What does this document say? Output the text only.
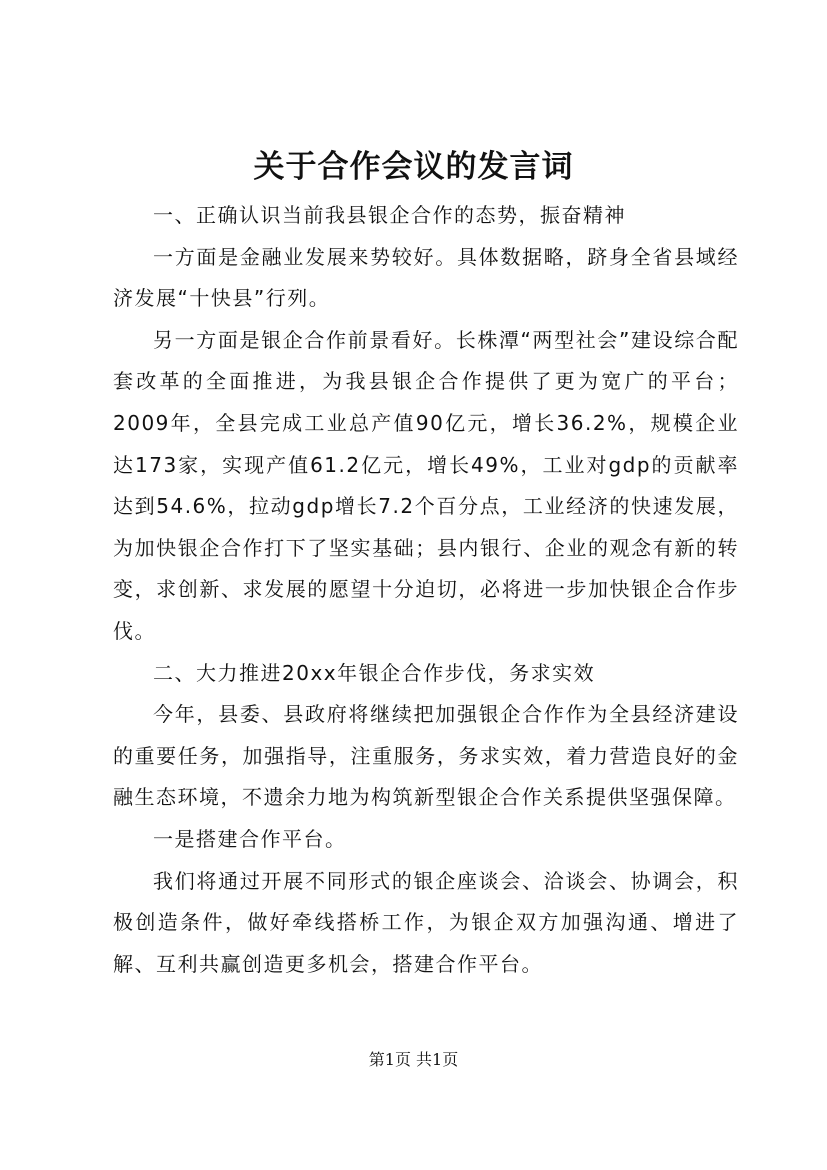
关于合作会议的发言词

一、正确认识当前我县银企合作的态势，振奋精神

一方面是金融业发展来势较好。具体数据略，跻身全省县域经济发展“十快县”行列。

另一方面是银企合作前景看好。长株潭“两型社会”建设综合配套改革的全面推进，为我县银企合作提供了更为宽广的平台；2009年，全县完成工业总产值90亿元，增长36.2%，规模企业达173家，实现产值61.2亿元，增长49%，工业对gdp的贡献率达到54.6%，拉动gdp增长7.2个百分点，工业经济的快速发展，为加快银企合作打下了坚实基础；县内银行、企业的观念有新的转变，求创新、求发展的愿望十分迫切，必将进一步加快银企合作步伐。

二、大力推进20xx年银企合作步伐，务求实效

今年，县委、县政府将继续把加强银企合作作为全县经济建设的重要任务，加强指导，注重服务，务求实效，着力营造良好的金融生态环境，不遗余力地为构筑新型银企合作关系提供坚强保障。

一是搭建合作平台。

我们将通过开展不同形式的银企座谈会、洽谈会、协调会，积极创造条件，做好牵线搭桥工作，为银企双方加强沟通、增进了解、互利共赢创造更多机会，搭建合作平台。

第1页 共1页
